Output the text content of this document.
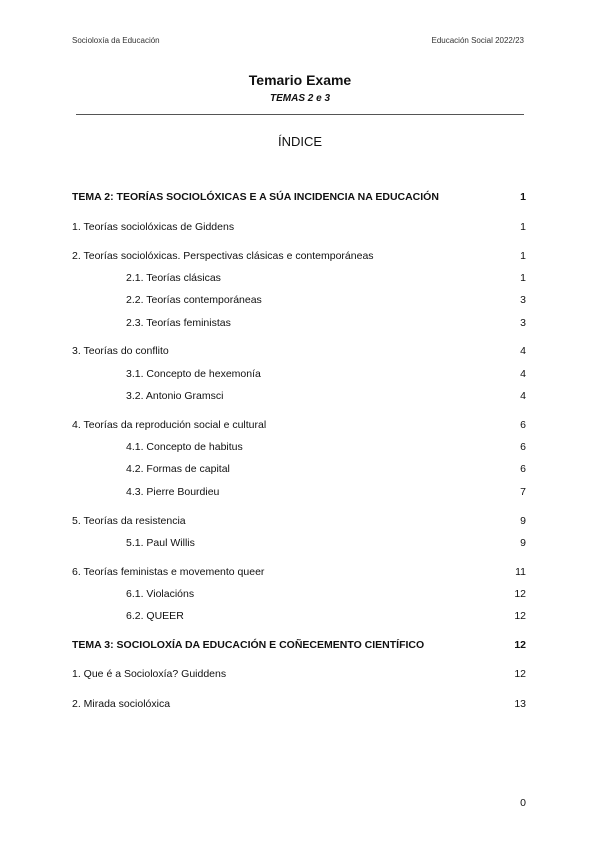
Socioloxía da Educación	Educación Social 2022/23
Temario Exame
TEMAS 2 e 3
ÍNDICE
TEMA 2: TEORÍAS SOCIOLÓXICAS E A SÚA INCIDENCIA NA EDUCACIÓN	1
1. Teorías sociolóxicas de Giddens	1
2. Teorías sociolóxicas. Perspectivas clásicas e contemporáneas	1
2.1. Teorías clásicas	1
2.2. Teorías contemporáneas	3
2.3. Teorías feministas	3
3. Teorías do conflito	4
3.1. Concepto de hexemonía	4
3.2. Antonio Gramsci	4
4. Teorías da reprodución social e cultural	6
4.1. Concepto de habitus	6
4.2. Formas de capital	6
4.3. Pierre Bourdieu	7
5. Teorías da resistencia	9
5.1. Paul Willis	9
6. Teorías feministas e movemento queer	11
6.1. Violacións	12
6.2. QUEER	12
TEMA 3: SOCIOLOXÍA DA EDUCACIÓN E COÑECEMENTO CIENTÍFICO	12
1. Que é a Socioloxía? Guiddens	12
2. Mirada sociolóxica	13
0
